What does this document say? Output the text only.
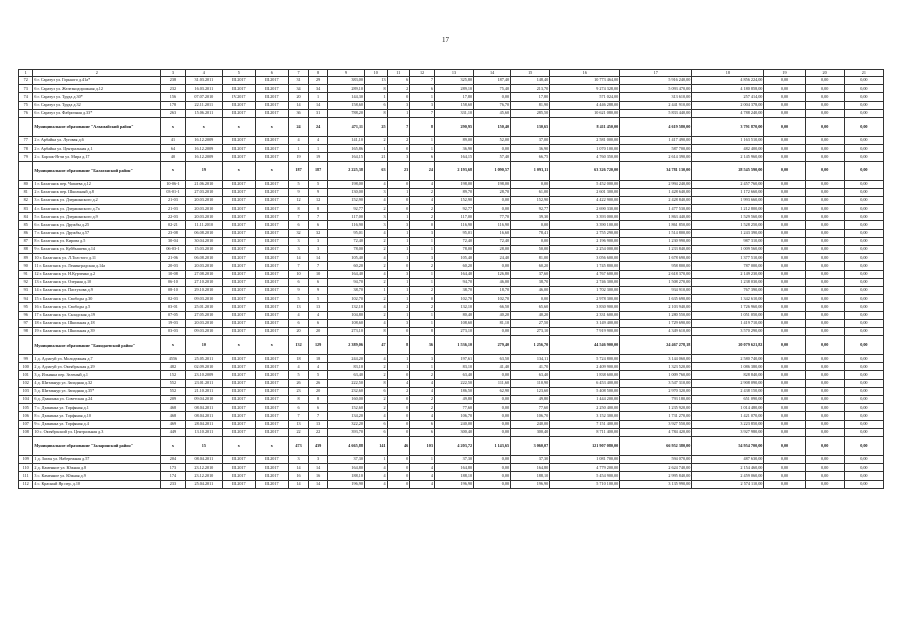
17
1	2	3	4	5	6	7	8	9	10	11	12	13	14	15	16	17	18	19	20	21
72	6 г. Саратуз ул. Горького д.41а*	238	31.03.2011	III.2017	III.2017	31	29	383,00	13	6	7	325,80	187,40	148,40	10 773 464,00	5 916 240,00	4 856 224,00	0,00	0,00	0,00
73	6 г. Саратуз ул. Железнодорожная д.12	232	16.03.2011	III.2017	III.2017	34	34	289,10	8	2	6	289,10	75,40	213,70	9 274 328,00	5 093 470,00	4 180 858,00	0,00	0,00	0,00
74	6 г. Саратуз ул. Труда д.30*	156	07.07.2010	IV.2017	III.2017	20	1	144,30	1	0	1	17,80	0,00	17,80	571 024,00	313 610,00	257 414,00	0,00	0,00	0,00
75	6 г. Саратуз ул. Труда д.32	178	22.11.2011	III.2017	III.2017	14	14	158,60	6	3	3	158,60	76,70	81,90	4 446 288,00	2 441 910,00	2 004 378,00	0,00	0,00	0,00
76	6 г. Саратуз ул. Фабричная д.33*	263	15.06.2011	III.2017	III.2017	36	31	788,20	8	1	7	331,10	45,60	285,50	10 621 080,00	5 833 440,00	4 788 240,00	0,00	0,00	0,00
	Муниципальное образование "Алзамайский район"	x	x	x	x	24	24	471,11	25	7	8	290,95	150,40	130,65	8 411 450,00	4 619 580,00	3 791 870,00	0,00	0,00	0,00
77	2 г. Арбайка ул. Луговая д.6	41	16.12.2009	III.2017	III.2017	4	4	141,10	2	2	1	89,00	52,00	37,00	2 581 000,00	1 417 490,00	1 163 510,00	0,00	0,00	0,00
78	2 г. Арбайка ул. Центральная д.1	64	16.12.2009	III.2017	III.2017	1	1	165,86	1	0	1	36,90	0,00	36,90	1 070 100,00	587 700,00	482 400,00	0,00	0,00	0,00
79	2 с. Барлак-Ягчи ул. Мира д.17	40	16.12.2009	III.2017	III.2017	19	19	164,15	21	3	6	164,15	57,40	66,75	4 760 350,00	2 614 390,00	2 145 960,00	0,00	0,00	0,00
	Муниципальное образование "Балаганский район"	x	19	x	x	187	187	2 225,38	63	23	24	2 193,68	1 090,57	1 093,11	63 326 720,00	34 781 130,00	28 545 590,00	0,00	0,00	0,00
80	1 г. Балаганск пер. Чапаева д.12	10-06-1	21.06.2010	III.2017	III.2017	5	5	198,00	4	0	4	198,00	198,00	0,00	5 452 000,00	2 994 240,00	2 457 760,00	0,00	0,00	0,00
81	2 г. Балаганск пер. Школьный д.8	03-01-1	27.03.2010	III.2017	III.2017	9	9	130,00	3	1	2	89,70	28,70	61,00	2 601 300,00	1 428 640,00	1 172 660,00	0,00	0,00	0,00
82	3 г. Балаганск ул. Дзержинского д.2	21-03	20.03.2010	III.2017	III.2017	12	12	152,90	4	0	4	152,90	0,00	152,90	4 422 900,00	2 428 840,00	1 993 660,00	0,00	0,00	0,00
83	4 г. Балаганск ул. Дзержинского д.7а	21-03	20.03.2010	III.2017	III.2017	8	8	92,77	2	0	2	92,77	0,00	92,77	2 690 330,00	1 477 530,00	1 212 800,00	0,00	0,00	0,00
84	5 г. Балаганск ул. Дзержинского д.9	22-03	20.03.2010	III.2017	III.2017	7	7	117,00	3	1	2	117,00	77,70	39,30	3 393 000,00	1 863 440,00	1 529 560,00	0,00	0,00	0,00
85	6 г. Балаганск ул. Дружбы д.25	02-21	11.11.2010	III.2017	III.2017	6	6	116,90	3	3	0	116,90	116,90	0,00	3 390 100,00	1 861 850,00	1 528 250,00	0,00	0,00	0,00
86	7 г. Балаганск ул. Дружбы д.57	23-08	06.08.2010	III.2017	III.2017	32	32	95,01	4	1	3	95,01	16,60	78,41	2 755 290,00	1 514 800,00	1 243 390,00	0,00	0,00	0,00
87	8 г. Балаганск ул. Кирова д.5	30-04	30.04.2010	III.2017	III.2017	3	3	72,40	2	1	1	72,40	72,40	0,00	2 196 900,00	1 230 990,00	987 310,00	0,00	0,00	0,00
88	9 г. Балаганск ул. Куйбышева д.14	06-03-1	15.03.2010	III.2017	III.2017	3	3	78,00	2	1	1	78,00	28,00	50,00	2 254 000,00	1 233 840,00	1 009 560,00	0,00	0,00	0,00
89	10 г. Балаганск ул. Л.Толстого д.11	21-06	06.08.2010	III.2017	III.2017	14	14	105,40	4	1	3	105,40	24,40	81,00	3 056 600,00	1 678 690,00	1 377 510,00	0,00	0,00	0,00
90	11 г. Балаганск ул. Ленинградская д.14а	20-03	20.03.2010	III.2017	III.2017	7	7	60,20	2	0	2	60,20	0,00	60,20	1 745 800,00	958 800,00	787 000,00	0,00	0,00	0,00
91	12 г. Балаганск ул. Н.Курченко д.2	10-08	27.08.2010	III.2017	III.2017	10	10	164,40	4	3	1	164,40	126,80	37,60	4 767 600,00	2 618 370,00	2 149 230,00	0,00	0,00	0,00
92	13 г. Балаганск ул. Озерная д.10	06-10	27.10.2010	III.2017	III.2017	6	6	94,70	2	1	1	94,70	46,00	38,70	2 746 300,00	1 508 270,00	1 238 030,00	0,00	0,00	0,00
93	14 г. Балаганск ул. Пастухова д.9	08-10	29.10.2010	III.2017	III.2017	9	9	38,70	1	1	2	38,70	18,70	46,00	1 702 300,00	934 910,00	767 390,00	0,00	0,00	0,00
94	15 г. Балаганск ул. Свободы д.30	02-03	09.03.2010	III.2017	III.2017	5	5	102,70	2	1	0	102,70	102,70	0,00	2 978 300,00	1 635 690,00	1 342 610,00	0,00	0,00	0,00
95	16 г. Балаганск ул. Свободы д.5	03-01	25.01.2010	III.2017	III.2017	13	13	132,10	4	2	2	132,10	66,50	65,60	3 830 900,00	2 103 940,00	1 726 960,00	0,00	0,00	0,00
96	17 г. Балаганск ул. Складская д.19	07-05	27.05.2010	III.2017	III.2017	4	4	104,80	2	1	1	80,40	40,20	40,20	2 331 600,00	1 280 550,00	1 051 050,00	0,00	0,00	0,00
97	18 г. Балаганск ул. Школьная д.18	19-03	20.03.2010	III.2017	III.2017	6	6	108,60	4	3	1	108,60	81,10	27,50	3 149 400,00	1 729 690,00	1 419 710,00	0,00	0,00	0,00
98	19 г. Балаганск ул. Школьная д.39	03-03	09.03.2010	III.2017	III.2017	20	20	273,10	8	0	8	273,10	0,00	273,10	7 919 900,00	4 349 610,00	3 570 290,00	0,00	0,00	0,00
	Муниципальное образование "Баяндаевский район"	x	10	x	x	132	129	2 389,06	47	8	36	1 536,10	279,40	1 256,70	44 546 900,00	24 467 278,18	20 079 621,82	0,00	0,00	0,00
99	1 д. Адзагуй ул. Молодежная д.7	4556	25.05.2011	III.2017	III.2017	18	18	244,20	4	1	3	197,61	63,50	134,11	5 724 800,00	3 144 060,00	2 580 740,00	0,00	0,00	0,00
100	2 д. Адзагуй ул. Октябрьская д.29	482	02.09.2010	III.2017	III.2017	4	4	83,10	2	1	1	83,10	41,40	41,70	2 409 900,00	1 323 520,00	1 086 380,00	0,00	0,00	0,00
101	3 д. Ильинка пер. Зеленый д.1	152	23.10.2009	III.2017	III.2017	5	5	63,40	2	0	2	63,40	0,00	63,40	1 838 600,00	1 009 760,00	828 840,00	0,00	0,00	0,00
102	4 д. Шитакнур ул. Западная д.32	552	23.01.2011	III.2017	III.2017	26	26	222,50	8	4	4	222,50	111,60	110,90	6 453 400,00	3 547 310,00	2 908 090,00	0,00	0,00	0,00
103	5 д. Шитакнур ул. Западная д.35*	552	21.10.2011	III.2017	III.2017	23	20	232,60	6	2	4	186,50	62,90	123,60	5 408 500,00	2 970 320,00	2 438 150,00	0,00	0,00	0,00
104	6 д. Дзакинка ул. Советская д.24	209	09.04.2010	III.2017	III.2017	8	8	160,00	2	0	2	49,80	0,00	49,80	1 444 200,00	793 180,00	651 090,00	0,00	0,00	0,00
105	7 с. Дзакинка ул. Торфяная д.1	468	08.04.2011	III.2017	III.2017	6	6	152,60	2	0	2	77,60	0,00	77,60	2 250 400,00	1 235 920,00	1 014 480,00	0,00	0,00	0,00
106	8 с. Дзакинка ул. Торфяная д.10	468	08.04.2011	III.2017	III.2017	7	7	134,20	4	0	4	106,70	0,00	106,70	3 152 300,00	1 731 270,00	1 421 070,00	0,00	0,00	0,00
107	9 с. Дзакинка ул. Торфяная д.4	469	28.04.2011	III.2017	III.2017	13	13	322,20	6	0	6	240,00	0,00	240,00	7 151 400,00	3 927 550,00	3 223 850,00	0,00	0,00	0,00
108	10 с. Октябрьский ул. Центральная д.3	449	13.10.2011	III.2017	III.2017	22	22	393,70	6	0	6	300,40	0,00	300,40	8 711 400,00	4 784 420,00	3 927 980,00	0,00	0,00	0,00
	Муниципальное образование "Заларинский район"	x	15	x	x	473	439	4 665,88	141	46	103	4 203,72	1 143,65	3 060,07	121 907 080,00	66 952 380,00	54 954 700,00	0,00	0,00	0,00
109	1 д. Заглы ул. Набережная д.57	204	08.04.2011	III.2017	III.2017	3	3	37,30	1	0	1	37,30	0,00	37,30	1 081 700,00	594 070,00	487 630,00	0,00	0,00	0,00
110	2 д. Каменное ул. Южная д.8	173	23.12.2010	III.2017	III.2017	14	14	164,80	4	0	4	164,80	0,00	164,80	4 779 200,00	2 624 740,00	2 154 460,00	0,00	0,00	0,00
111	3 с. Каменное ул. Южная д.9	174	23.12.2010	III.2017	III.2017	16	16	188,10	4	0	4	188,10	0,00	188,10	5 454 900,00	2 995 840,00	2 459 060,00	0,00	0,00	0,00
112	4 с. Красный Яр пер. д.10	233	25.04.2011	III.2017	III.2017	14	14	196,90	4	0	4	196,90	0,00	196,90	5 710 100,00	3 135 990,00	2 574 110,00	0,00	0,00	0,00
